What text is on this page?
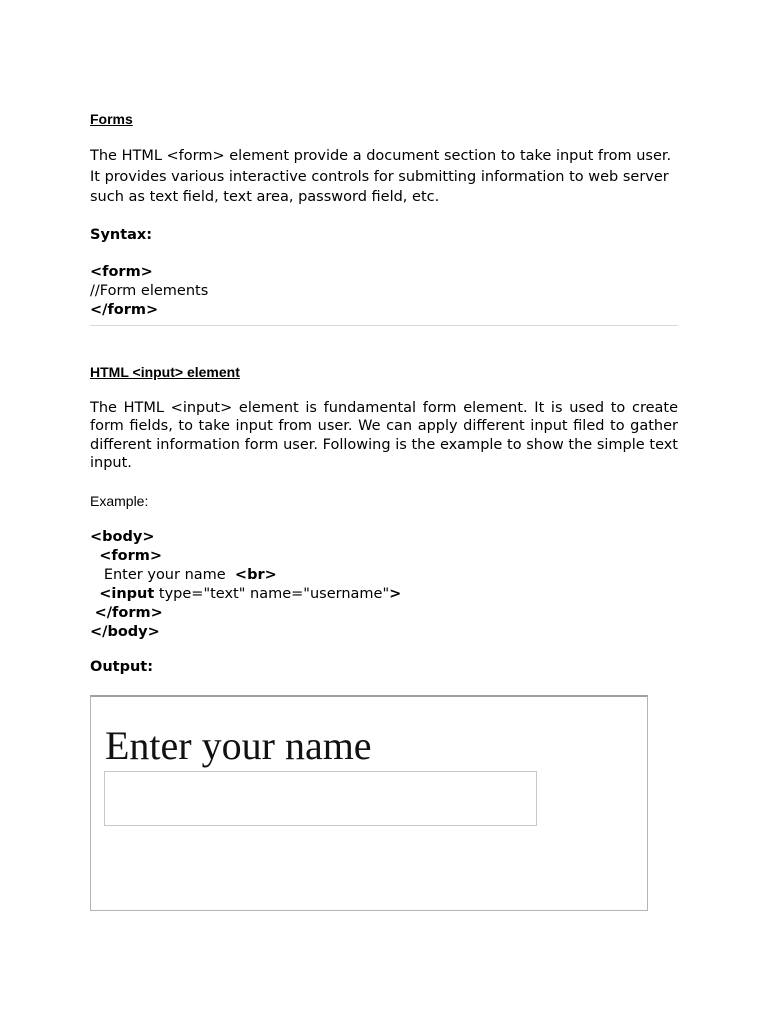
Forms

The HTML <form> element provide a document section to take input from user. It provides various interactive controls for submitting information to web server such as text field, text area, password field, etc.

Syntax:

<form>
//Form elements
</form>
HTML <input> element

The HTML <input> element is fundamental form element. It is used to create form fields, to take input from user. We can apply different input filed to gather different information form user. Following is the example to show the simple text input.

Example:

<body>
<form>
Enter your name <br>
<input type="text" name="username">
</form>
</body>

Output:

Enter your name
